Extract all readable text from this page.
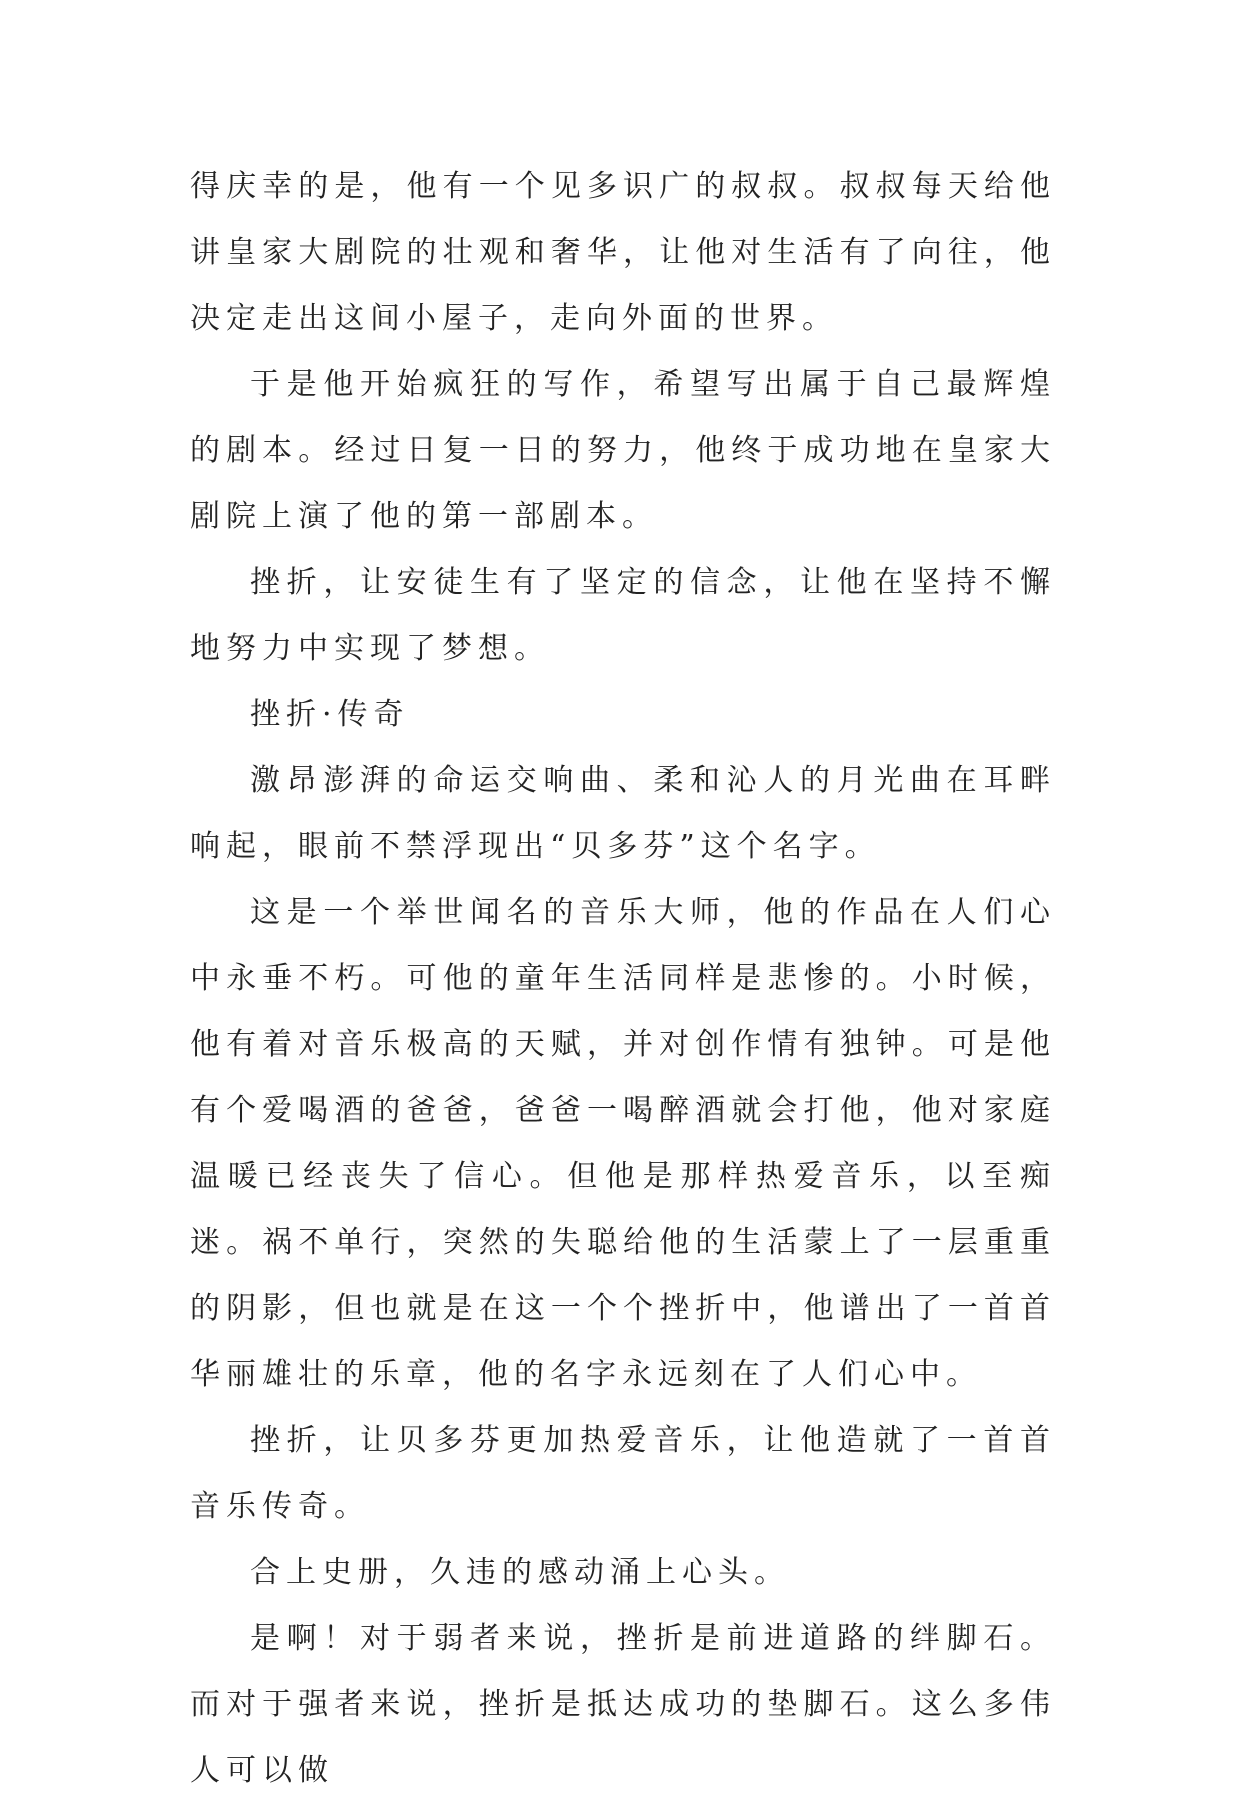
得庆幸的是，他有一个见多识广的叔叔。叔叔每天给他讲皇家大剧院的壮观和奢华，让他对生活有了向往，他决定走出这间小屋子，走向外面的世界。

于是他开始疯狂的写作，希望写出属于自己最辉煌的剧本。经过日复一日的努力，他终于成功地在皇家大剧院上演了他的第一部剧本。

挫折，让安徒生有了坚定的信念，让他在坚持不懈地努力中实现了梦想。

挫折·传奇

激昂澎湃的命运交响曲、柔和沁人的月光曲在耳畔响起，眼前不禁浮现出“贝多芬”这个名字。

这是一个举世闻名的音乐大师，他的作品在人们心中永垂不朽。可他的童年生活同样是悲惨的。小时候，他有着对音乐极高的天赋，并对创作情有独钟。可是他有个爱喝酒的爸爸，爸爸一喝醉酒就会打他，他对家庭温暖已经丧失了信心。但他是那样热爱音乐，以至痴迷。祸不单行，突然的失聪给他的生活蒙上了一层重重的阴影，但也就是在这一个个挫折中，他谱出了一首首华丽雄壮的乐章，他的名字永远刻在了人们心中。

挫折，让贝多芬更加热爱音乐，让他造就了一首首音乐传奇。

合上史册，久违的感动涌上心头。

是啊！对于弱者来说，挫折是前进道路的绊脚石。而对于强者来说，挫折是抵达成功的垫脚石。这么多伟人可以做
